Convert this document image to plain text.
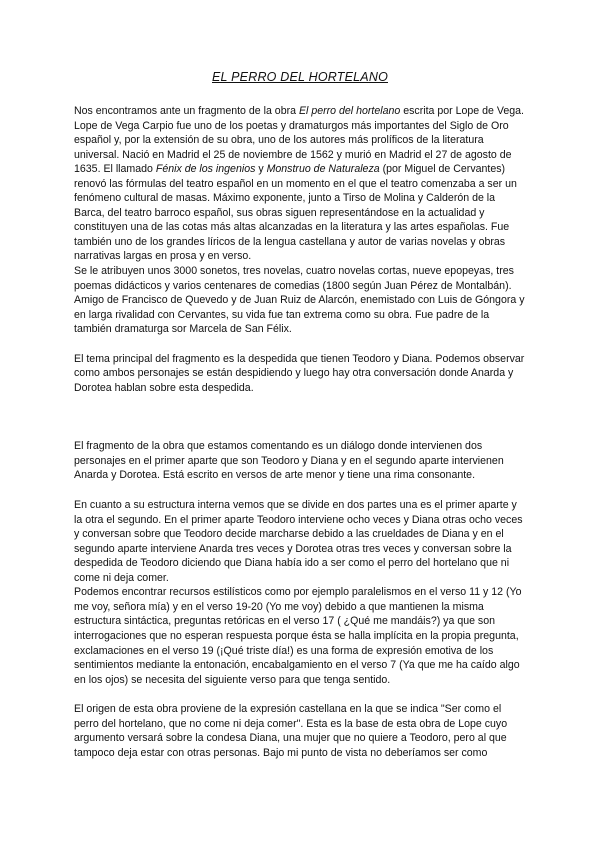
EL PERRO DEL HORTELANO

Nos encontramos ante un fragmento de la obra El perro del hortelano escrita por Lope de Vega. Lope de Vega Carpio fue uno de los poetas y dramaturgos más importantes del Siglo de Oro español y, por la extensión de su obra, uno de los autores más prolíficos de la literatura universal. Nació en Madrid el 25 de noviembre de 1562 y murió en Madrid el 27 de agosto de 1635. El llamado Fénix de los ingenios y Monstruo de Naturaleza (por Miguel de Cervantes) renovó las fórmulas del teatro español en un momento en el que el teatro comenzaba a ser un fenómeno cultural de masas. Máximo exponente, junto a Tirso de Molina y Calderón de la Barca, del teatro barroco español, sus obras siguen representándose en la actualidad y constituyen una de las cotas más altas alcanzadas en la literatura y las artes españolas. Fue también uno de los grandes líricos de la lengua castellana y autor de varias novelas y obras narrativas largas en prosa y en verso.

Se le atribuyen unos 3000 sonetos, tres novelas, cuatro novelas cortas, nueve epopeyas, tres poemas didácticos y varios centenares de comedias (1800 según Juan Pérez de Montalbán). Amigo de Francisco de Quevedo y de Juan Ruiz de Alarcón, enemistado con Luis de Góngora y en larga rivalidad con Cervantes, su vida fue tan extrema como su obra. Fue padre de la también dramaturga sor Marcela de San Félix.

El tema principal del fragmento es la despedida que tienen Teodoro y Diana. Podemos observar como ambos personajes se están despidiendo y luego hay otra conversación donde Anarda y Dorotea hablan sobre esta despedida.

El fragmento de la obra que estamos comentando es un diálogo donde intervienen dos personajes en el primer aparte que son Teodoro y Diana y en el segundo aparte intervienen Anarda y Dorotea. Está escrito en versos de arte menor y tiene una rima consonante.

En cuanto a su estructura interna vemos que se divide en dos partes una es el primer aparte y la otra el segundo. En el primer aparte Teodoro interviene ocho veces y Diana otras ocho veces y conversan sobre que Teodoro decide marcharse debido a las crueldades de Diana y en el segundo aparte interviene Anarda tres veces y Dorotea otras tres veces y conversan sobre la despedida de Teodoro diciendo que Diana había ido a ser como el perro del hortelano que ni come ni deja comer.

Podemos encontrar recursos estilísticos como por ejemplo paralelismos en el verso 11 y 12 (Yo me voy, señora mía) y en el verso 19-20 (Yo me voy) debido a que mantienen la misma estructura sintáctica, preguntas retóricas en el verso 17 ( ¿Qué me mandáis?) ya que son interrogaciones que no esperan respuesta porque ésta se halla implícita en la propia pregunta, exclamaciones en el verso 19 (¡Qué triste día!) es una forma de expresión emotiva de los sentimientos mediante la entonación, encabalgamiento en el verso 7 (Ya que me ha caído algo en los ojos) se necesita del siguiente verso para que tenga sentido.

El origen de esta obra proviene de la expresión castellana en la que se indica "Ser como el perro del hortelano, que no come ni deja comer". Esta es la base de esta obra de Lope cuyo argumento versará sobre la condesa Diana, una mujer que no quiere a Teodoro, pero al que tampoco deja estar con otras personas. Bajo mi punto de vista no deberíamos ser como
